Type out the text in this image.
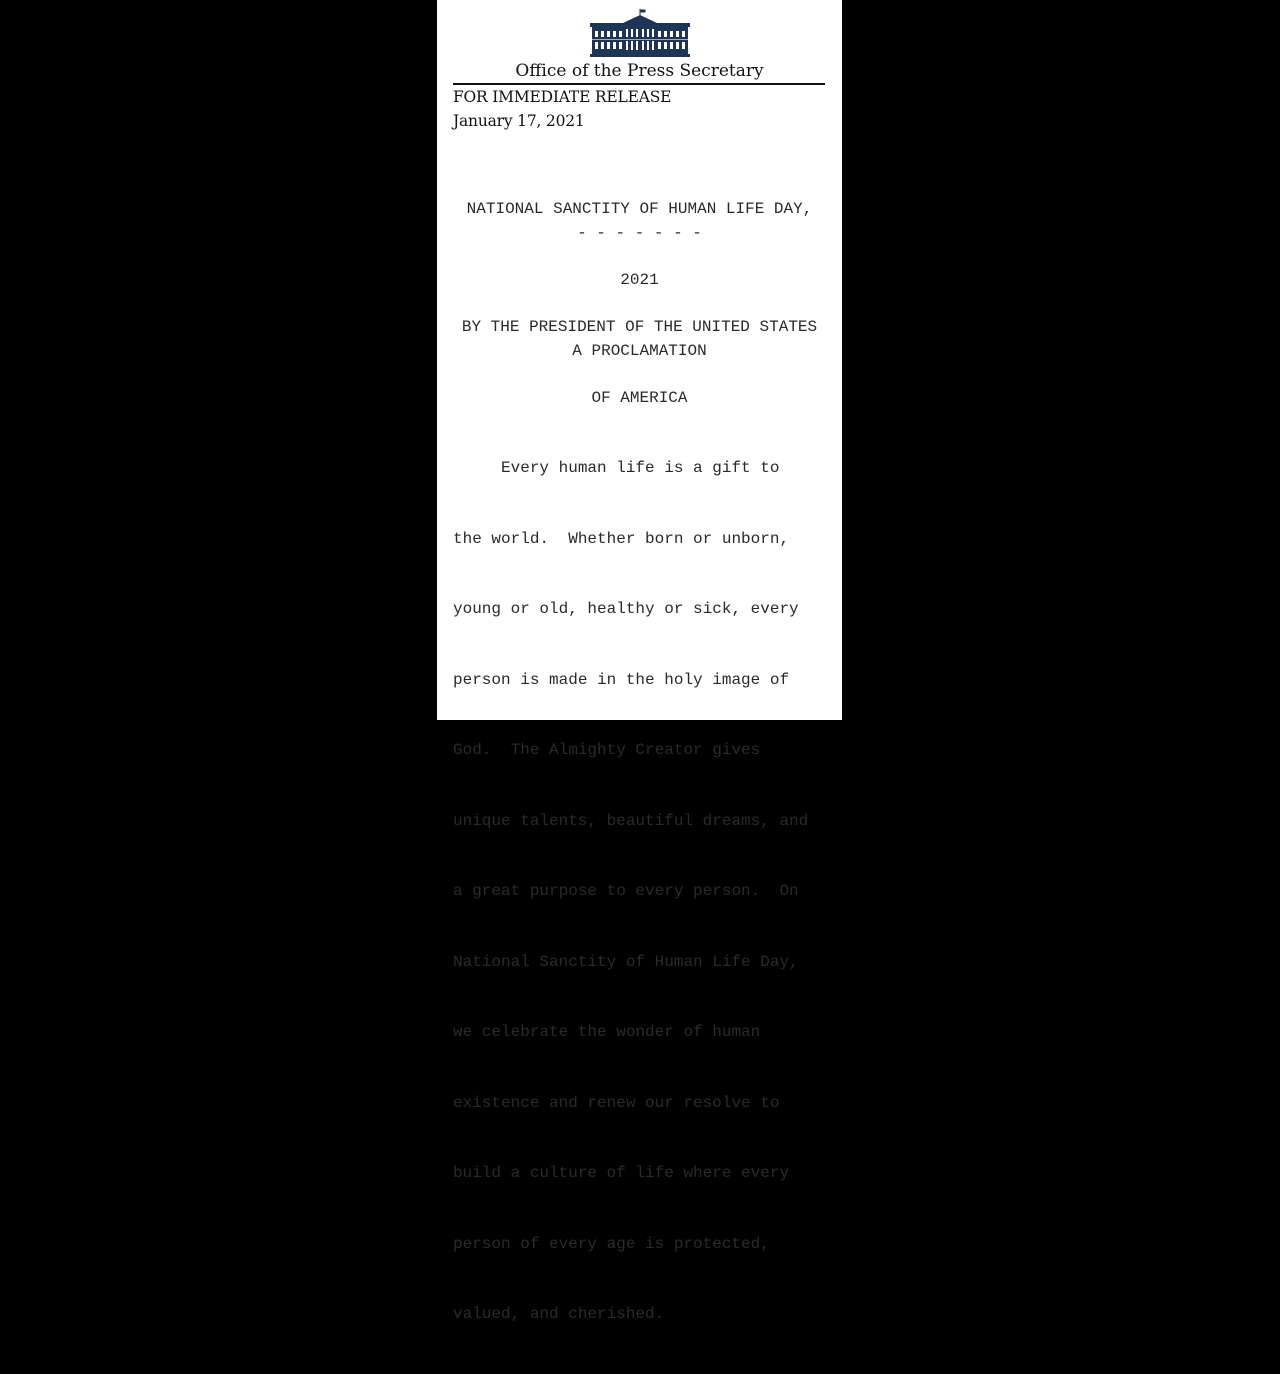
Office of the Press Secretary
FOR IMMEDIATE RELEASE
January 17, 2021

NATIONAL SANCTITY OF HUMAN LIFE DAY,

2021

- - - - - - -

BY THE PRESIDENT OF THE UNITED STATES

OF AMERICA

A PROCLAMATION

Every human life is a gift to

the world.  Whether born or unborn,

young or old, healthy or sick, every

person is made in the holy image of

God.  The Almighty Creator gives

unique talents, beautiful dreams, and

a great purpose to every person.  On

National Sanctity of Human Life Day,

we celebrate the wonder of human

existence and renew our resolve to

build a culture of life where every

person of every age is protected,

valued, and cherished.
